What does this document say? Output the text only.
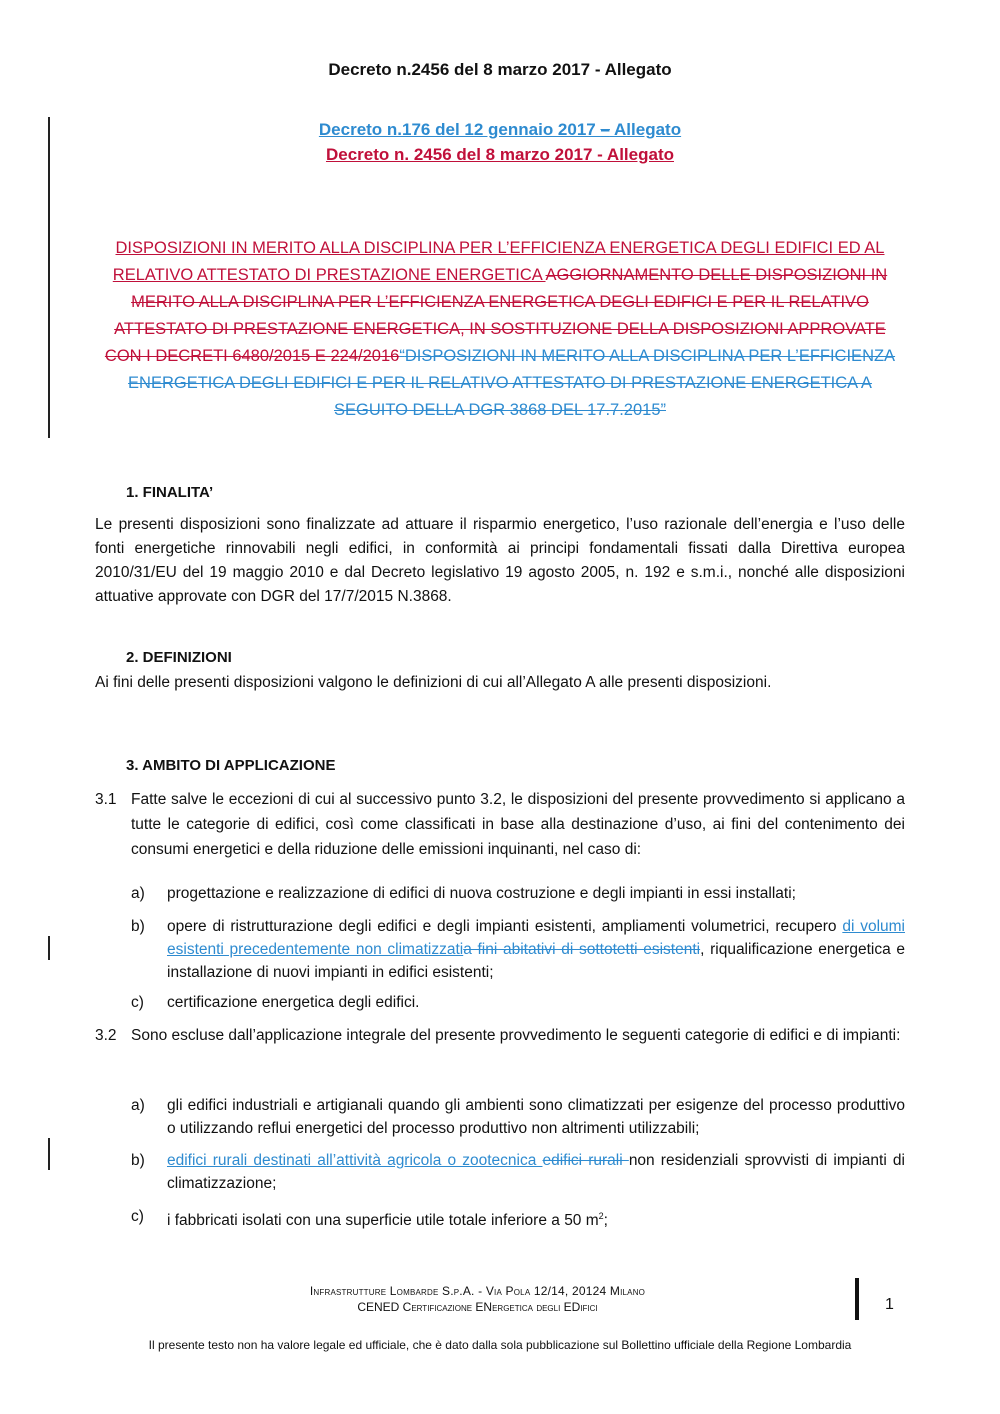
Decreto n.2456 del 8 marzo 2017 - Allegato
Decreto n.176 del 12 gennaio 2017 – Allegato
Decreto n. 2456 del 8 marzo 2017 - Allegato
DISPOSIZIONI IN MERITO ALLA DISCIPLINA PER L’EFFICIENZA ENERGETICA DEGLI EDIFICI ED AL RELATIVO ATTESTATO DI PRESTAZIONE ENERGETICA AGGIORNAMENTO DELLE DISPOSIZIONI IN MERITO ALLA DISCIPLINA PER L’EFFICIENZA ENERGETICA DEGLI EDIFICI E PER IL RELATIVO ATTESTATO DI PRESTAZIONE ENERGETICA, IN SOSTITUZIONE DELLA DISPOSIZIONI APPROVATE CON I DECRETI 6480/2015 E 224/2016“DISPOSIZIONI IN MERITO ALLA DISCIPLINA PER L’EFFICIENZA ENERGETICA DEGLI EDIFICI E PER IL RELATIVO ATTESTATO DI PRESTAZIONE ENERGETICA A SEGUITO DELLA DGR 3868 DEL 17.7.2015”
1. FINALITA’
Le presenti disposizioni sono finalizzate ad attuare il risparmio energetico, l’uso razionale dell’energia e l’uso delle fonti energetiche rinnovabili negli edifici, in conformità ai principi fondamentali fissati dalla Direttiva europea 2010/31/EU del 19 maggio 2010 e dal Decreto legislativo 19 agosto 2005, n. 192 e s.m.i., nonché alle disposizioni attuative approvate con DGR del 17/7/2015 N.3868.
2. DEFINIZIONI
Ai fini delle presenti disposizioni valgono le definizioni di cui all’Allegato A alle presenti disposizioni.
3. AMBITO DI APPLICAZIONE
3.1 Fatte salve le eccezioni di cui al successivo punto 3.2, le disposizioni del presente provvedimento si applicano a tutte le categorie di edifici, così come classificati in base alla destinazione d’uso, ai fini del contenimento dei consumi energetici e della riduzione delle emissioni inquinanti, nel caso di:
a) progettazione e realizzazione di edifici di nuova costruzione e degli impianti in essi installati;
b) opere di ristrutturazione degli edifici e degli impianti esistenti, ampliamenti volumetrici, recupero di volumi esistenti precedentemente non climatizzatia fini abitativi di sottotetti esistenti, riqualificazione energetica e installazione di nuovi impianti in edifici esistenti;
c) certificazione energetica degli edifici.
3.2 Sono escluse dall’applicazione integrale del presente provvedimento le seguenti categorie di edifici e di impianti:
a) gli edifici industriali e artigianali quando gli ambienti sono climatizzati per esigenze del processo produttivo o utilizzando reflui energetici del processo produttivo non altrimenti utilizzabili;
b) edifici rurali destinati all’attività agricola o zootecnica edifici rurali non residenziali sprovvisti di impianti di climatizzazione;
c) i fabbricati isolati con una superficie utile totale inferiore a 50 $m^2$;
Infrastrutture Lombarde S.p.A. - Via Pola 12/14, 20124 Milano
CENED Certificazione ENergetica degli EDifici	1
Il presente testo non ha valore legale ed ufficiale, che è dato dalla sola pubblicazione sul Bollettino ufficiale della Regione Lombardia
